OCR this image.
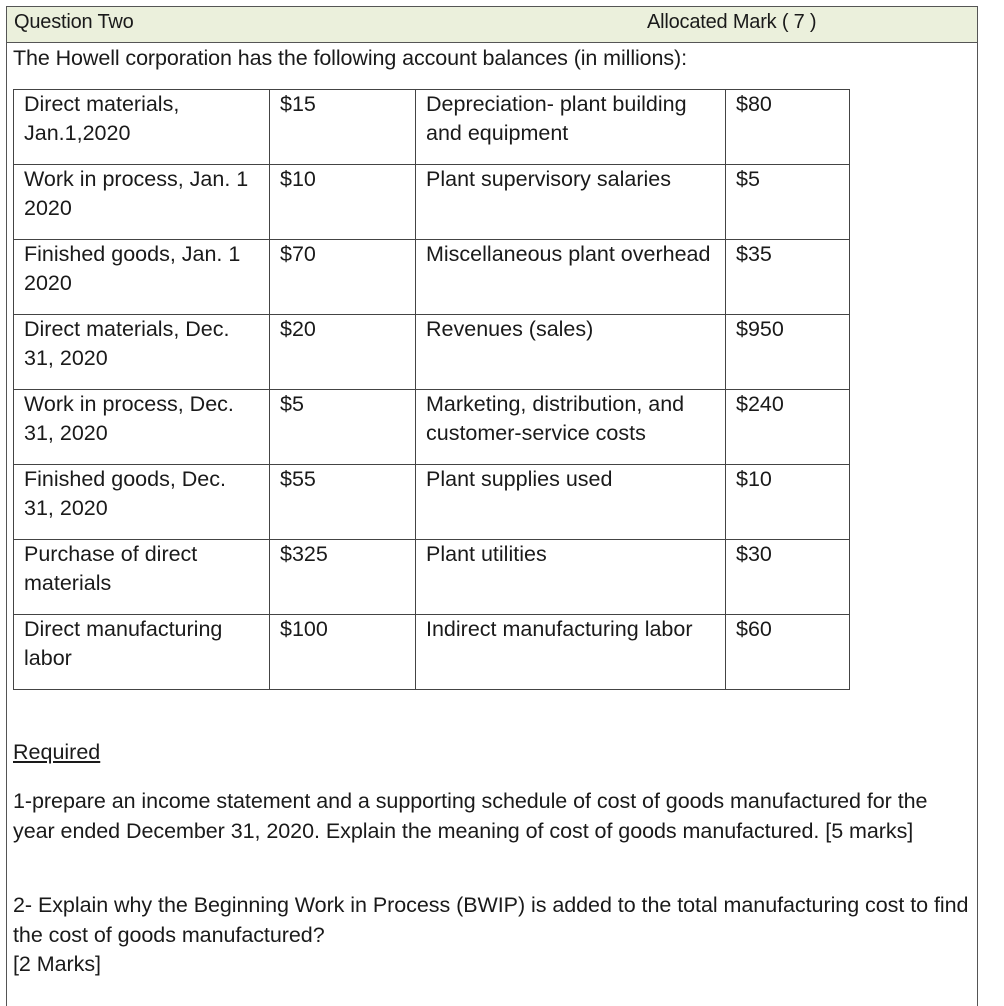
Question Two	Allocated Mark ( 7 )
The Howell corporation has the following account balances (in millions):
Direct materials, Jan.1,2020	$15	Depreciation- plant building and equipment	$80

Work in process, Jan. 1 2020	$10	Plant supervisory salaries	$5

Finished goods, Jan. 1 2020	$70	Miscellaneous plant overhead	$35

Direct materials, Dec. 31, 2020	$20	Revenues (sales)	$950

Work in process, Dec. 31, 2020	$5	Marketing, distribution, and customer-service costs	$240

Finished goods, Dec. 31, 2020	$55	Plant supplies used	$10

Purchase of direct materials	$325	Plant utilities	$30

Direct manufacturing labor	$100	Indirect manufacturing labor	$60
Required
1-prepare an income statement and a supporting schedule of cost of goods manufactured for the year ended December 31, 2020. Explain the meaning of cost of goods manufactured. [5 marks]
2- Explain why the Beginning Work in Process (BWIP) is added to the total manufacturing cost to find the cost of goods manufactured?
[2 Marks]
